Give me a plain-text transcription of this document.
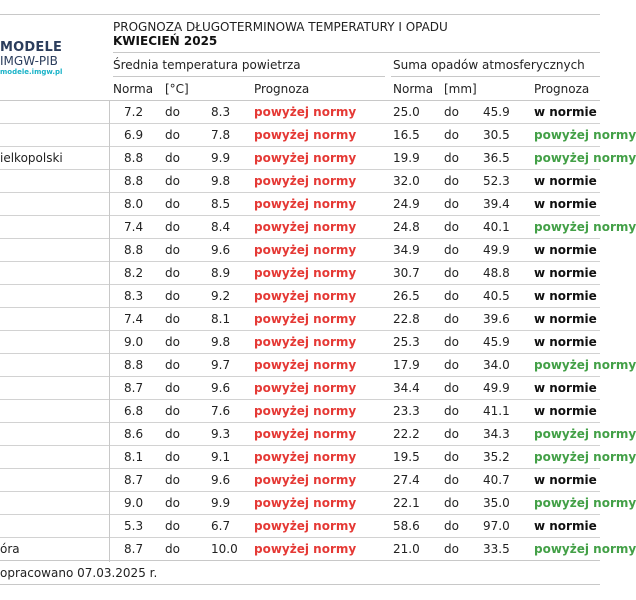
MODELE
IMGW-PIB
modele.imgw.pl
PROGNOZA DŁUGOTERMINOWA TEMPERATURY I OPADU
KWIECIEŃ 2025
Średnia temperatura powietrza	Suma opadów atmosferycznych
Norma [°C]	Prognoza	Norma [mm]	Prognoza
7.2 do	8.3 powyżej normy	25.0 do 45.9 w normie
6.9 do	7.8 powyżej normy	16.5 do 30.5 powyżej normy
ielkopolski	8.8 do	9.9 powyżej normy	19.9 do 36.5 powyżej normy
8.8 do	9.8 powyżej normy	32.0 do 52.3 w normie
8.0 do	8.5 powyżej normy	24.9 do 39.4 w normie
7.4 do	8.4 powyżej normy	24.8 do 40.1 powyżej normy
8.8 do	9.6 powyżej normy	34.9 do 49.9 w normie
8.2 do	8.9 powyżej normy	30.7 do 48.8 w normie
8.3 do	9.2 powyżej normy	26.5 do 40.5 w normie
7.4 do	8.1 powyżej normy	22.8 do 39.6 w normie
9.0 do	9.8 powyżej normy	25.3 do 45.9 w normie
8.8 do	9.7 powyżej normy	17.9 do 34.0 powyżej normy
8.7 do	9.6 powyżej normy	34.4 do 49.9 w normie
6.8 do	7.6 powyżej normy	23.3 do 41.1 w normie
8.6 do	9.3 powyżej normy	22.2 do 34.3 powyżej normy
8.1 do	9.1 powyżej normy	19.5 do 35.2 powyżej normy
8.7 do	9.6 powyżej normy	27.4 do 40.7 w normie
9.0 do	9.9 powyżej normy	22.1 do 35.0 powyżej normy
5.3 do	6.7 powyżej normy	58.6 do 97.0 w normie
óra	8.7 do	10.0 powyżej normy	21.0 do 33.5 powyżej normy
opracowano 07.03.2025 r.
